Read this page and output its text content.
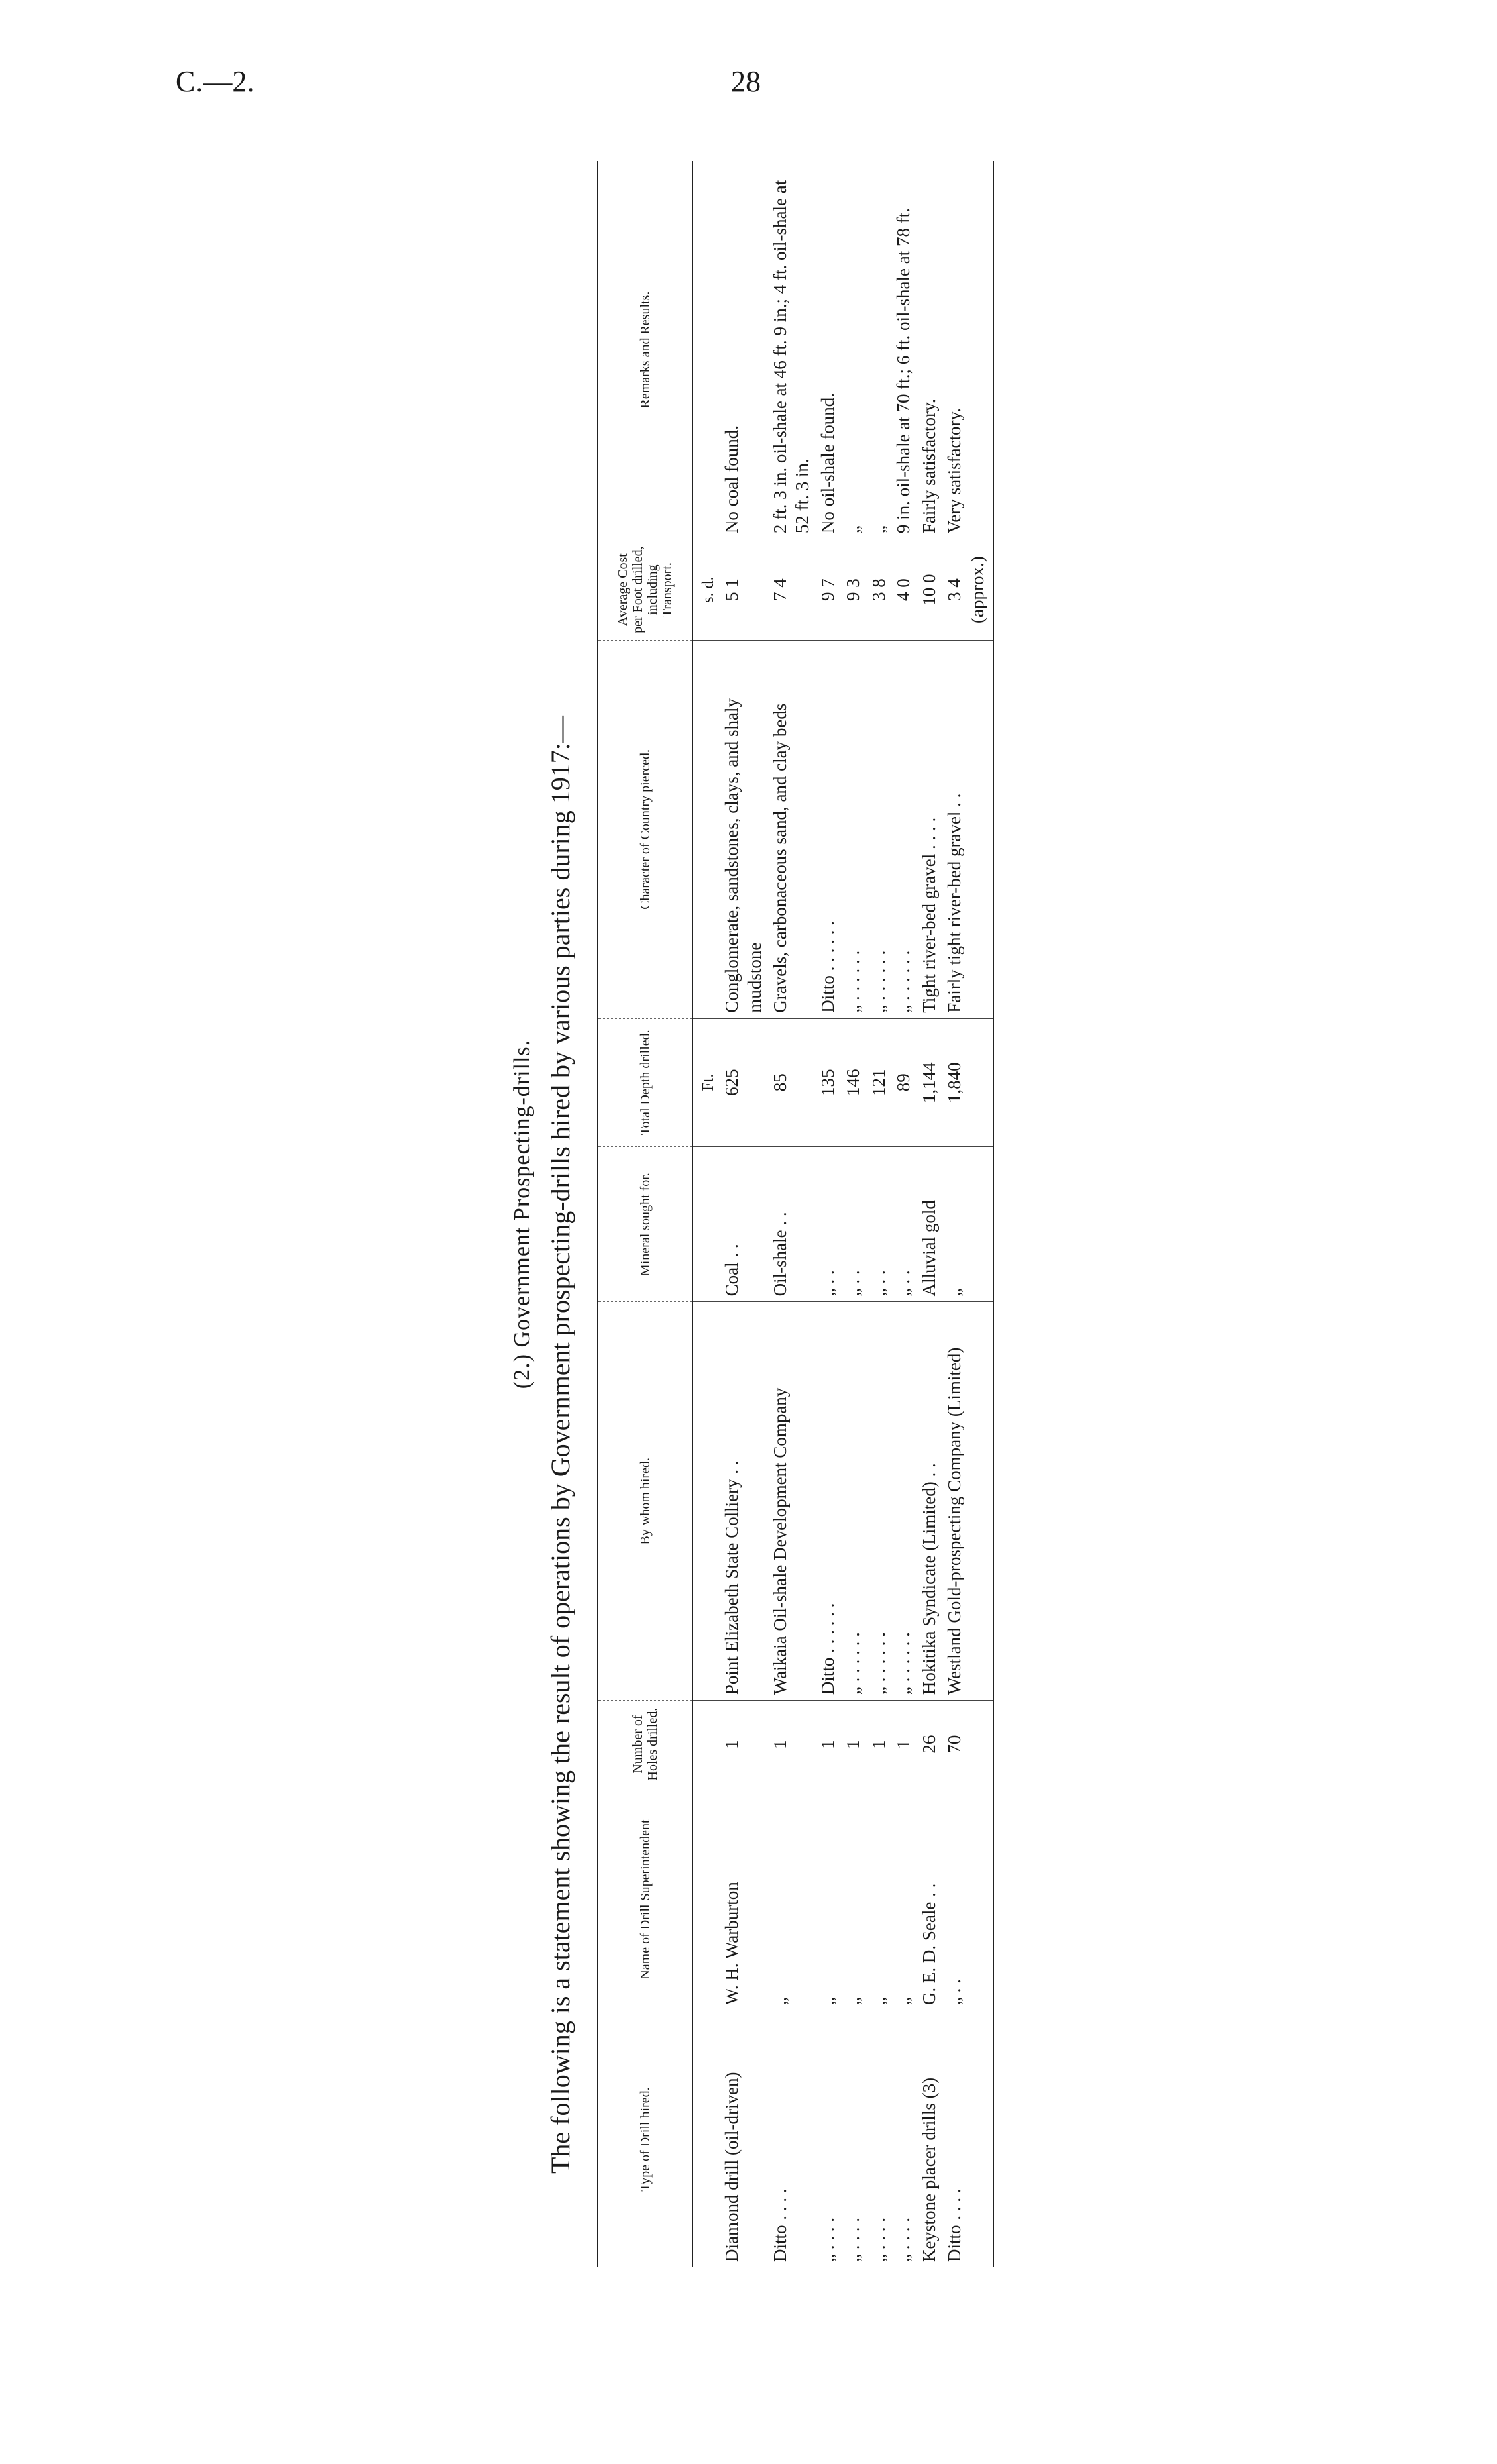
C.—2.	28
(2.) Government Prospecting-drills. The following is a statement showing the result of operations by Government prospecting-drills hired by various parties during 1917:—	Type of Drill hired.	Name of Drill Superintendent	Number of Holes drilled.	By whom hired.	Mineral sought for.	Total Depth drilled.	Character of Country pierced.	Average Cost per Foot drilled, including Transport.	Remarks and Results.
					Ft.		s. d.	
Diamond drill (oil-driven)	W. H. Warburton	1	Point Elizabeth State Colliery . .	Coal . .	625	Conglomerate, sandstones, clays, and shaly mudstone	5 1	No coal found.
Ditto . . . .	„	1	Waikaia Oil-shale Development Company	Oil-shale . .	85	Gravels, carbonaceous sand, and clay beds	7 4	2 ft. 3 in. oil-shale at 46 ft. 9 in.; 4 ft. oil-shale at 52 ft. 3 in.
„ . . . .	„	1	Ditto . . . . . .	„ . .	135	Ditto . . . . . .	9 7	No oil-shale found.
„ . . . .	„	1	„ . . . . . .	„ . .	146	„ . . . . . .	9 3	„
„ . . . .	„	1	„ . . . . . .	„ . .	121	„ . . . . . .	3 8	„
„ . . . .	„	1	„ . . . . . .	„ . .	89	„ . . . . . .	4 0	9 in. oil-shale at 70 ft.; 6 ft. oil-shale at 78 ft.
Keystone placer drills (3)	G. E. D. Seale . .	26	Hokitika Syndicate (Limited) . .	Alluvial gold	1,144	Tight river-bed gravel . . . .	10 0	Fairly satisfactory.
Ditto . . . .	„ . .	70	Westland Gold-prospecting Company (Limited)	„	1,840	Fairly tight river-bed gravel . .	3 4 (approx.)	Very satisfactory.
